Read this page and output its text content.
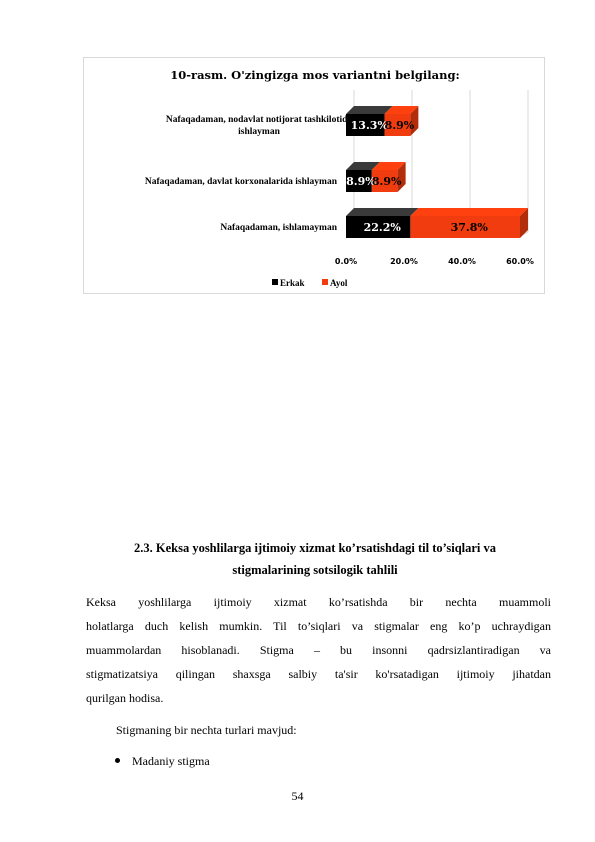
10-rasm. O'zingizga mos variantni belgilang:
0.0%	20.0%	40.0%	60.0%
13.3%
8.9%
Nafaqadaman, nodavlat notijorat tashkilotida ishlayman
8.9%
8.9%
Nafaqadaman, davlat korxonalarida ishlayman
22.2%	37.8%
Nafaqadaman, ishlamayman
Erkak	Ayol
2.3. Keksa yoshlilarga ijtimoiy xizmat ko’rsatishdagi til to’siqlari va
stigmalarining sotsilogik tahlili
Keksa yoshlilarga ijtimoiy xizmat ko’rsatishda bir nechta muammoli
holatlarga duch kelish mumkin. Til to’siqlari va stigmalar eng ko’p uchraydigan
muammolardan hisoblanadi. Stigma – bu insonni qadrsizlantiradigan va
stigmatizatsiya qilingan shaxsga salbiy ta'sir ko'rsatadigan ijtimoiy jihatdan
qurilgan hodisa.
Stigmaning bir nechta turlari mavjud:
Madaniy stigma
54
